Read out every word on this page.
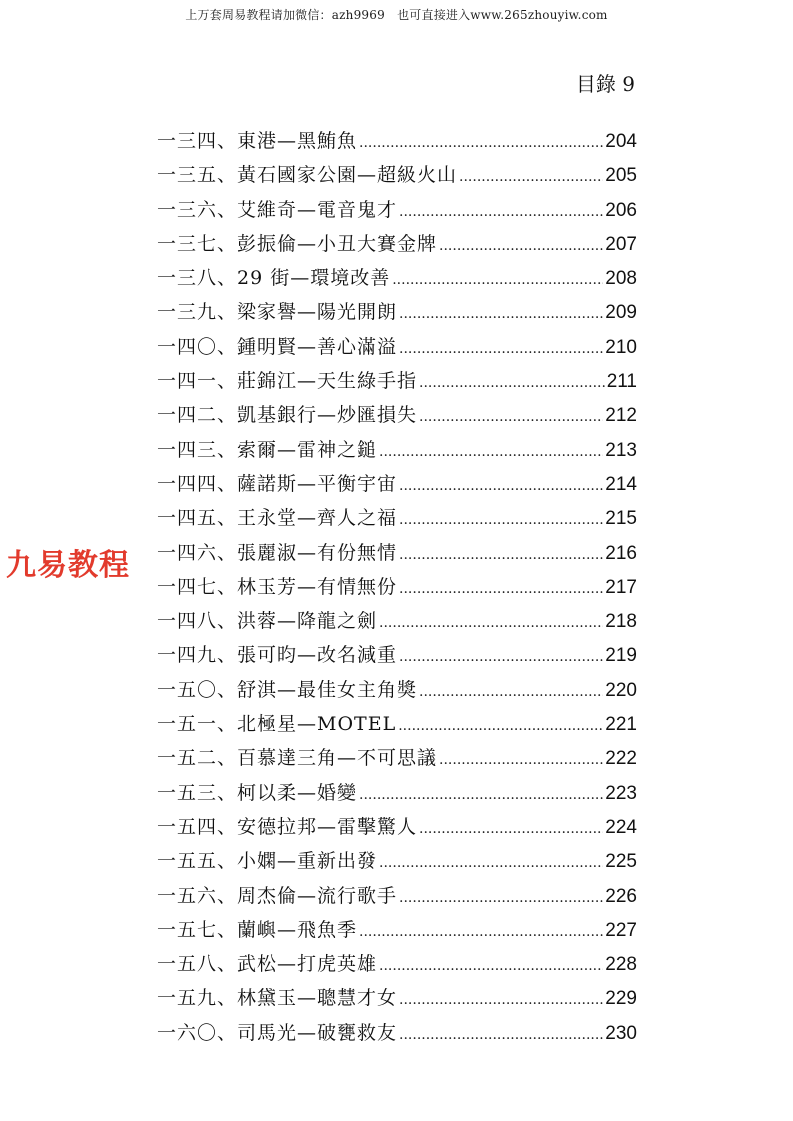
上万套周易教程请加微信：azh9969　也可直接进入www.265zhouyiw.com
目錄 9
九易教程
一三四、 東港—黑鮪魚 .....	204
一三五、 黃石國家公園—超級火山 .....	205
一三六、 艾維奇—電音鬼才 .....	206
一三七、 彭振倫—小丑大賽金牌 .....	207
一三八、 29 街—環境改善 .....	208
一三九、 梁家譽—陽光開朗 .....	209
一四〇、 鍾明賢—善心滿溢 .....	210
一四一、 莊錦江—天生綠手指 .....	211
一四二、 凱基銀行—炒匯損失 .....	212
一四三、 索爾—雷神之鎚 .....	213
一四四、 薩諾斯—平衡宇宙 .....	214
一四五、 王永堂—齊人之福 .....	215
一四六、 張麗淑—有份無情 .....	216
一四七、 林玉芳—有情無份 .....	217
一四八、 洪蓉—降龍之劍 .....	218
一四九、 張可昀—改名減重 .....	219
一五〇、 舒淇—最佳女主角獎 .....	220
一五一、 北極星—MOTEL .....	221
一五二、 百慕達三角—不可思議 .....	222
一五三、 柯以柔—婚變 .....	223
一五四、 安德拉邦—雷擊驚人 .....	224
一五五、 小嫻—重新出發 .....	225
一五六、 周杰倫—流行歌手 .....	226
一五七、 蘭嶼—飛魚季 .....	227
一五八、 武松—打虎英雄 .....	228
一五九、 林黛玉—聰慧才女 .....	229
一六〇、 司馬光—破甕救友 .....	230
